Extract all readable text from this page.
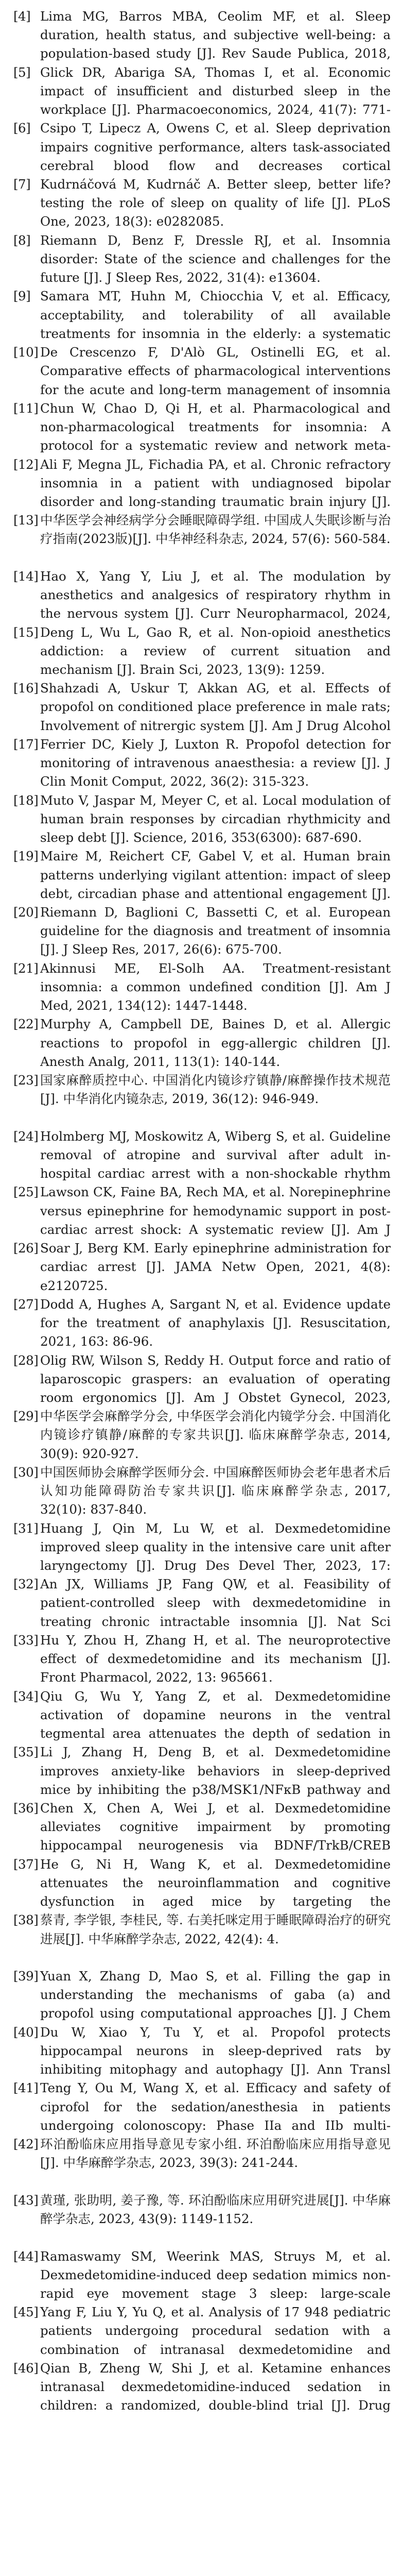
[4] Lima MG, Barros MBA, Ceolim MF, et al. Sleep duration, health status, and subjective well-being: a population-based study [J]. Rev Saude Publica, 2018,
[5] Glick DR, Abariga SA, Thomas I, et al. Economic impact of insufficient and disturbed sleep in the workplace [J]. Pharmacoeconomics, 2024, 41(7): 771-
[6] Csipo T, Lipecz A, Owens C, et al. Sleep deprivation impairs cognitive performance, alters task-associated cerebral blood flow and decreases cortical
[7] Kudrnáčová M, Kudrnáč A. Better sleep, better life? testing the role of sleep on quality of life [J]. PLoS One, 2023, 18(3): e0282085.
[8] Riemann D, Benz F, Dressle RJ, et al. Insomnia disorder: State of the science and challenges for the future [J]. J Sleep Res, 2022, 31(4): e13604.
[9] Samara MT, Huhn M, Chiocchia V, et al. Efficacy, acceptability, and tolerability of all available treatments for insomnia in the elderly: a systematic
[10] De Crescenzo F, D'Alò GL, Ostinelli EG, et al. Comparative effects of pharmacological interventions for the acute and long-term management of insomnia
[11] Chun W, Chao D, Qi H, et al. Pharmacological and non-pharmacological treatments for insomnia: A protocol for a systematic review and network meta-
[12] Ali F, Megna JL, Fichadia PA, et al. Chronic refractory insomnia in a patient with undiagnosed bipolar disorder and long-standing traumatic brain injury [J].
[13] 中华医学会神经病学分会睡眠障碍学组. 中国成人失眠诊断与治疗指南(2023版)[J]. 中华神经科杂志, 2024, 57(6): 560-584.
[14] Hao X, Yang Y, Liu J, et al. The modulation by anesthetics and analgesics of respiratory rhythm in the nervous system [J]. Curr Neuropharmacol, 2024,
[15] Deng L, Wu L, Gao R, et al. Non-opioid anesthetics addiction: a review of current situation and mechanism [J]. Brain Sci, 2023, 13(9): 1259.
[16] Shahzadi A, Uskur T, Akkan AG, et al. Effects of propofol on conditioned place preference in male rats; Involvement of nitrergic system [J]. Am J Drug Alcohol
[17] Ferrier DC, Kiely J, Luxton R. Propofol detection for monitoring of intravenous anaesthesia: a review [J]. J Clin Monit Comput, 2022, 36(2): 315-323.
[18] Muto V, Jaspar M, Meyer C, et al. Local modulation of human brain responses by circadian rhythmicity and sleep debt [J]. Science, 2016, 353(6300): 687-690.
[19] Maire M, Reichert CF, Gabel V, et al. Human brain patterns underlying vigilant attention: impact of sleep debt, circadian phase and attentional engagement [J].
[20] Riemann D, Baglioni C, Bassetti C, et al. European guideline for the diagnosis and treatment of insomnia [J]. J Sleep Res, 2017, 26(6): 675-700.
[21] Akinnusi ME, El-Solh AA. Treatment-resistant insomnia: a common undefined condition [J]. Am J Med, 2021, 134(12): 1447-1448.
[22] Murphy A, Campbell DE, Baines D, et al. Allergic reactions to propofol in egg-allergic children [J]. Anesth Analg, 2011, 113(1): 140-144.
[23] 国家麻醉质控中心. 中国消化内镜诊疗镇静/麻醉操作技术规范[J]. 中华消化内镜杂志, 2019, 36(12): 946-949.
[24] Holmberg MJ, Moskowitz A, Wiberg S, et al. Guideline removal of atropine and survival after adult in-hospital cardiac arrest with a non-shockable rhythm
[25] Lawson CK, Faine BA, Rech MA, et al. Norepinephrine versus epinephrine for hemodynamic support in post-cardiac arrest shock: A systematic review [J]. Am J
[26] Soar J, Berg KM. Early epinephrine administration for cardiac arrest [J]. JAMA Netw Open, 2021, 4(8): e2120725.
[27] Dodd A, Hughes A, Sargant N, et al. Evidence update for the treatment of anaphylaxis [J]. Resuscitation, 2021, 163: 86-96.
[28] Olig RW, Wilson S, Reddy H. Output force and ratio of laparoscopic graspers: an evaluation of operating room ergonomics [J]. Am J Obstet Gynecol, 2023,
[29] 中华医学会麻醉学分会, 中华医学会消化内镜学分会. 中国消化内镜诊疗镇静/麻醉的专家共识[J]. 临床麻醉学杂志, 2014, 30(9): 920-927.
[30] 中国医师协会麻醉学医师分会. 中国麻醉医师协会老年患者术后认知功能障碍防治专家共识[J]. 临床麻醉学杂志, 2017, 32(10): 837-840.
[31] Huang J, Qin M, Lu W, et al. Dexmedetomidine improved sleep quality in the intensive care unit after laryngectomy [J]. Drug Des Devel Ther, 2023, 17:
[32] An JX, Williams JP, Fang QW, et al. Feasibility of patient-controlled sleep with dexmedetomidine in treating chronic intractable insomnia [J]. Nat Sci
[33] Hu Y, Zhou H, Zhang H, et al. The neuroprotective effect of dexmedetomidine and its mechanism [J]. Front Pharmacol, 2022, 13: 965661.
[34] Qiu G, Wu Y, Yang Z, et al. Dexmedetomidine activation of dopamine neurons in the ventral tegmental area attenuates the depth of sedation in
[35] Li J, Zhang H, Deng B, et al. Dexmedetomidine improves anxiety-like behaviors in sleep-deprived mice by inhibiting the p38/MSK1/NFκB pathway and
[36] Chen X, Chen A, Wei J, et al. Dexmedetomidine alleviates cognitive impairment by promoting hippocampal neurogenesis via BDNF/TrkB/CREB
[37] He G, Ni H, Wang K, et al. Dexmedetomidine attenuates the neuroinflammation and cognitive dysfunction in aged mice by targeting the
[38] 蔡青, 李学银, 李桂民, 等. 右美托咪定用于睡眠障碍治疗的研究进展[J]. 中华麻醉学杂志, 2022, 42(4): 4.
[39] Yuan X, Zhang D, Mao S, et al. Filling the gap in understanding the mechanisms of gaba (a) and propofol using computational approaches [J]. J Chem
[40] Du W, Xiao Y, Tu Y, et al. Propofol protects hippocampal neurons in sleep-deprived rats by inhibiting mitophagy and autophagy [J]. Ann Transl
[41] Teng Y, Ou M, Wang X, et al. Efficacy and safety of ciprofol for the sedation/anesthesia in patients undergoing colonoscopy: Phase IIa and IIb multi-
[42] 环泊酚临床应用指导意见专家小组. 环泊酚临床应用指导意见[J]. 中华麻醉学杂志, 2023, 39(3): 241-244.
[43] 黄瑾, 张助明, 姜子豫, 等. 环泊酚临床应用研究进展[J]. 中华麻醉学杂志, 2023, 43(9): 1149-1152.
[44] Ramaswamy SM, Weerink MAS, Struys M, et al. Dexmedetomidine-induced deep sedation mimics non-rapid eye movement stage 3 sleep: large-scale
[45] Yang F, Liu Y, Yu Q, et al. Analysis of 17 948 pediatric patients undergoing procedural sedation with a combination of intranasal dexmedetomidine and
[46] Qian B, Zheng W, Shi J, et al. Ketamine enhances intranasal dexmedetomidine-induced sedation in children: a randomized, double-blind trial [J]. Drug
